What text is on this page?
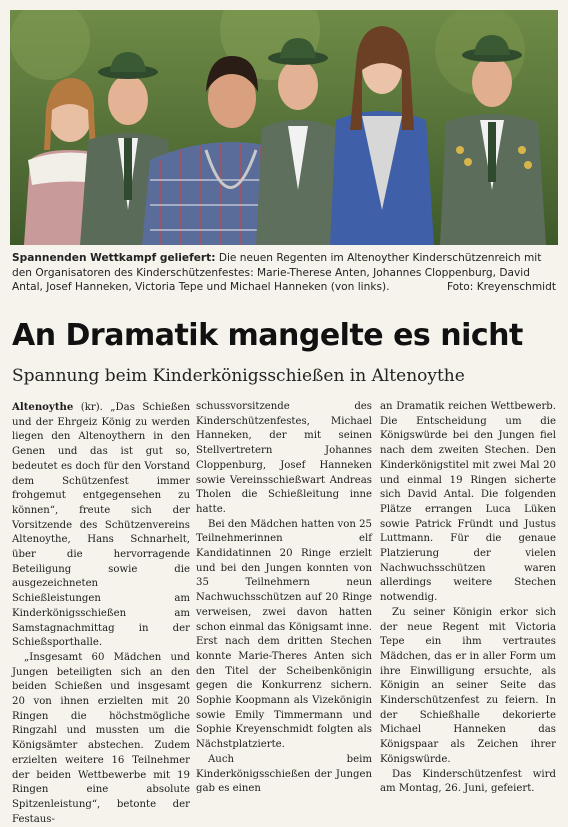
Spannenden Wettkampf geliefert: Die neuen Regenten im Altenoyther Kinderschützenreich mit den Organisatoren des Kinderschützenfestes: Marie-Therese Anten, Johannes Cloppenburg, David Antal, Josef Hanneken, Victoria Tepe und Michael Hanneken (von links).	Foto: Kreyenschmidt
An Dramatik mangelte es nicht
Spannung beim Kinderkönigsschießen in Altenoythe

Altenoythe (kr). „Das Schießen und der Ehrgeiz König zu werden liegen den Altenoythern in den Genen und das ist gut so, bedeutet es doch für den Vorstand dem Schützenfest immer frohgemut entgegensehen zu können“, freute sich der Vorsitzende des Schützenvereins Altenoythe, Hans Schnarhelt, über die hervorragende Beteiligung sowie die ausgezeichneten Schießleistungen am Kinderkönigsschießen am Samstagnachmittag in der Schießsporthalle.

„Insgesamt 60 Mädchen und Jungen beteiligten sich an den beiden Schießen und insgesamt 20 von ihnen erzielten mit 20 Ringen die höchstmögliche Ringzahl und mussten um die Königsämter abstechen. Zudem erzielten weitere 16 Teilnehmer der beiden Wettbewerbe mit 19 Ringen eine absolute Spitzenleistung“, betonte der Festaus-

schussvorsitzende des Kinderschützenfestes, Michael Hanneken, der mit seinen Stellvertretern Johannes Cloppenburg, Josef Hanneken sowie Vereinsschießwart Andreas Tholen die Schießleitung inne hatte.

Bei den Mädchen hatten von 25 Teilnehmerinnen elf Kandidatinnen 20 Ringe erzielt und bei den Jungen konnten von 35 Teilnehmern neun Nachwuchsschützen auf 20 Ringe verweisen, zwei davon hatten schon einmal das Königsamt inne. Erst nach dem dritten Stechen konnte Marie-Theres Anten sich den Titel der Scheibenkönigin gegen die Konkurrenz sichern. Sophie Koopmann als Vizekönigin sowie Emily Timmermann und Sophie Kreyenschmidt folgten als Nächstplatzierte.

Auch beim Kinderkönigsschießen der Jungen gab es einen

an Dramatik reichen Wettbewerb. Die Entscheidung um die Königswürde bei den Jungen fiel nach dem zweiten Stechen. Den Kinderkönigstitel mit zwei Mal 20 und einmal 19 Ringen sicherte sich David Antal. Die folgenden Plätze errangen Luca Lüken sowie Patrick Fründt und Justus Luttmann. Für die genaue Platzierung der vielen Nachwuchsschützen waren allerdings weitere Stechen notwendig.

Zu seiner Königin erkor sich der neue Regent mit Victoria Tepe ein ihm vertrautes Mädchen, das er in aller Form um ihre Einwilligung ersuchte, als Königin an seiner Seite das Kinderschützenfest zu feiern. In der Schießhalle dekorierte Michael Hanneken das Königspaar als Zeichen ihrer Königswürde.

Das Kinderschützenfest wird am Montag, 26. Juni, gefeiert.
